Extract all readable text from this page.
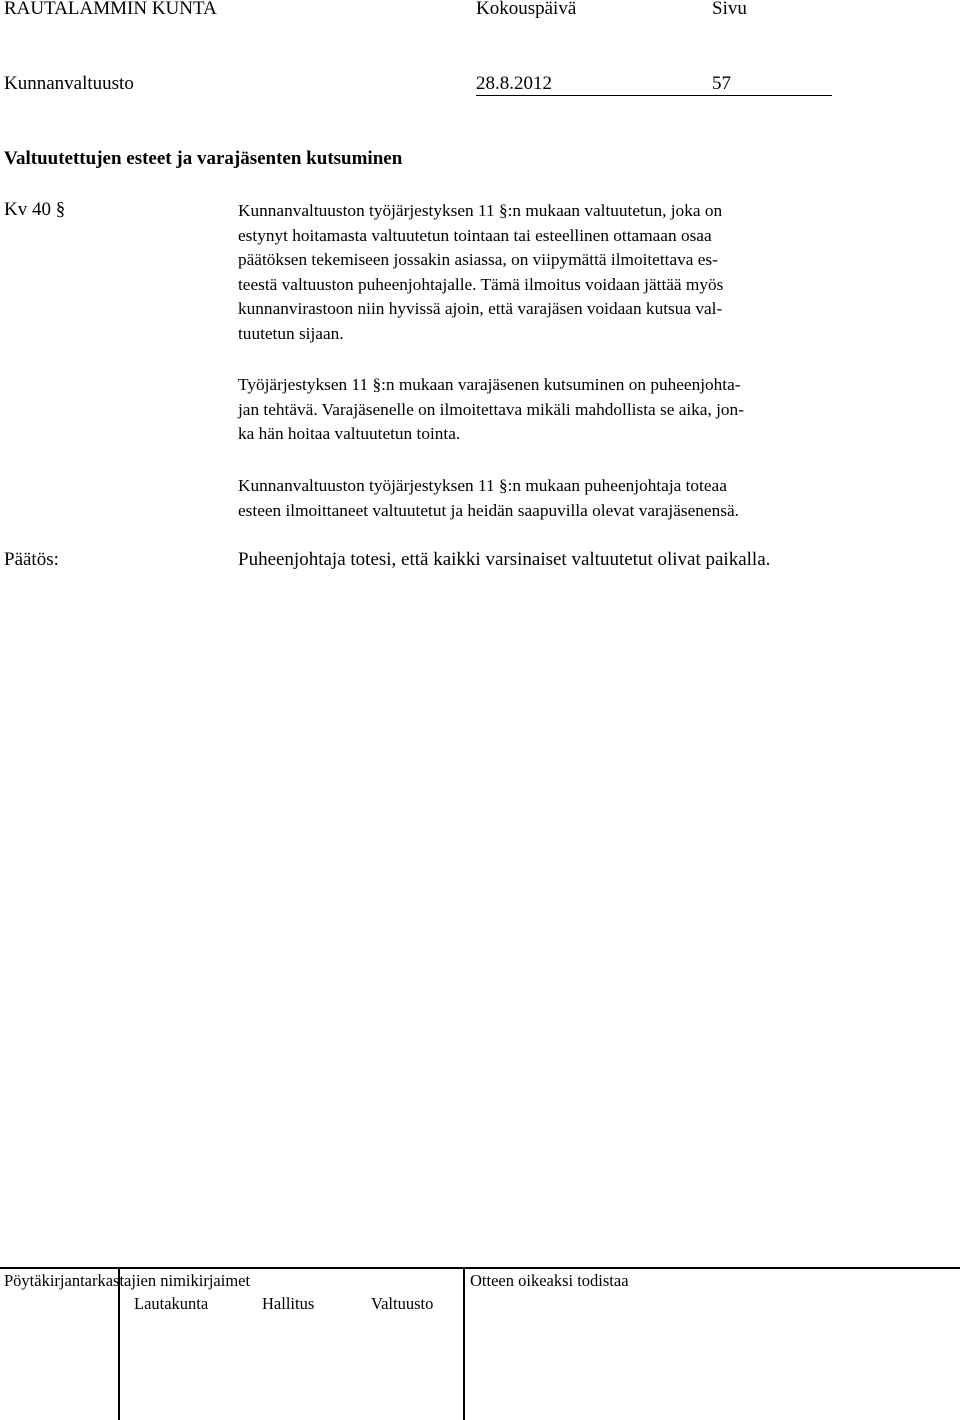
RAUTALAMMIN KUNTA	Kokouspäivä	Sivu
Kunnanvaltuusto	28.8.2012	57
Valtuutettujen esteet ja varajäsenten kutsuminen
Kv 40 §	Kunnanvaltuuston työjärjestyksen 11 §:n mukaan valtuutetun, joka on
estynyt hoitamasta valtuutetun tointaan tai esteellinen ottamaan osaa
päätöksen tekemiseen jossakin asiassa, on viipymättä ilmoitettava es-
teestä valtuuston puheenjohtajalle. Tämä ilmoitus voidaan jättää myös
kunnanvirastoon niin hyvissä ajoin, että varajäsen voidaan kutsua val-
tuutetun sijaan.
Työjärjestyksen 11 §:n mukaan varajäsenen kutsuminen on puheenjohta-
jan tehtävä. Varajäsenelle on ilmoitettava mikäli mahdollista se aika, jon-
ka hän hoitaa valtuutetun tointa.
Kunnanvaltuuston työjärjestyksen 11 §:n mukaan puheenjohtaja toteaa
esteen ilmoittaneet valtuutetut ja heidän saapuvilla olevat varajäsenensä.
Päätös:	Puheenjohtaja totesi, että kaikki varsinaiset valtuutetut olivat paikalla.
Pöytäkirjantarkastajien nimikirjaimet	Otteen oikeaksi todistaa
Lautakunta	Hallitus	Valtuusto
